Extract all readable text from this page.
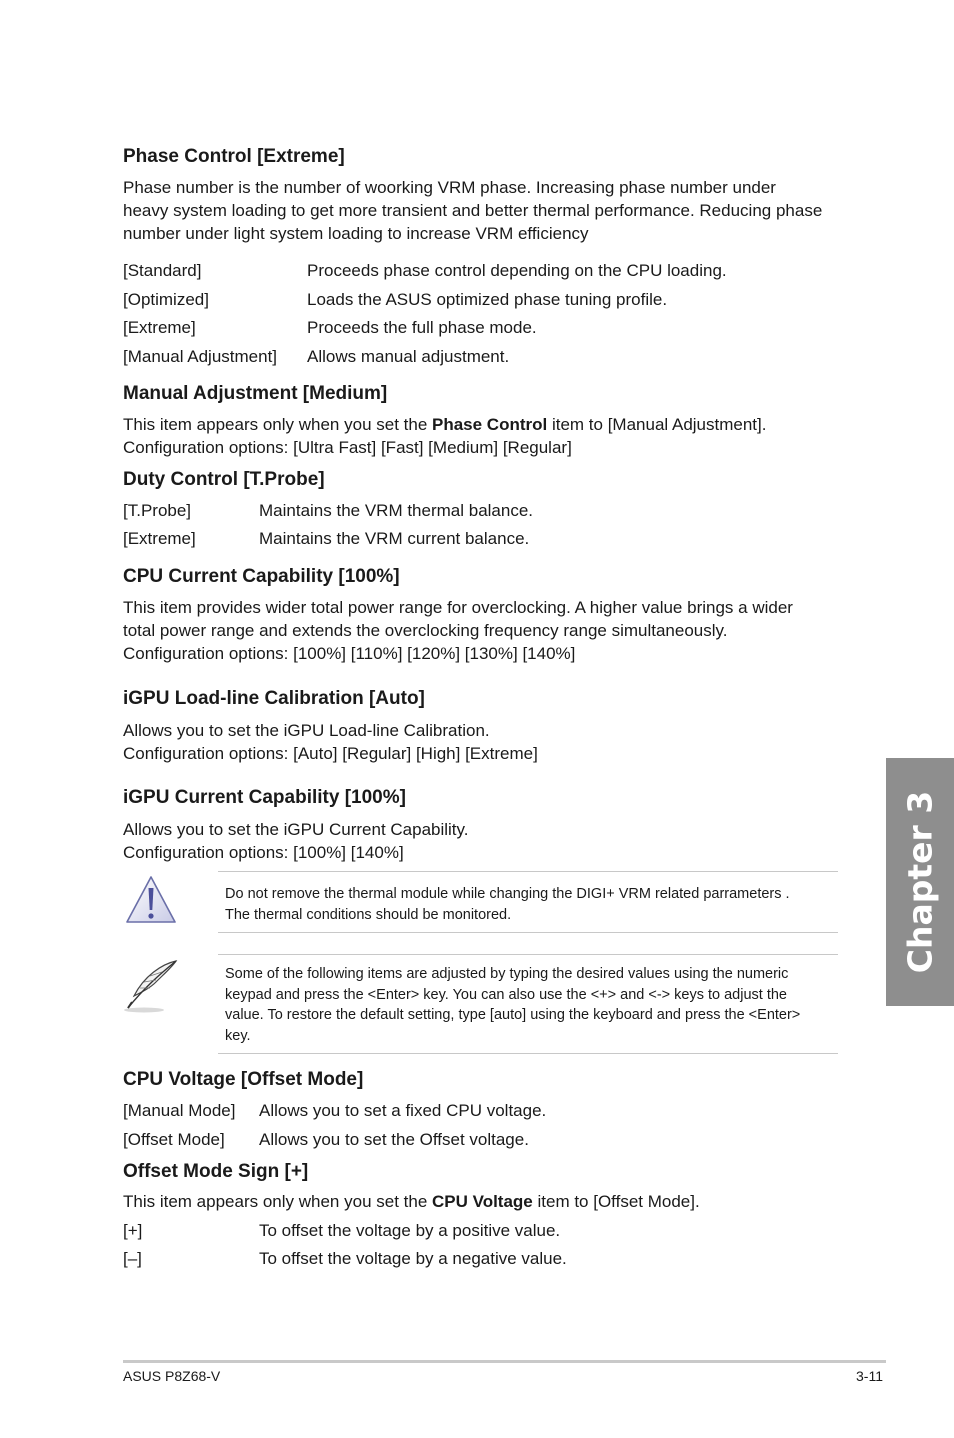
Phase Control [Extreme]
Phase number is the number of woorking VRM phase. Increasing phase number under
heavy system loading to get more transient and better thermal performance. Reducing phase
number under light system loading to increase VRM efficiency
[Standard]	Proceeds phase control depending on the CPU loading.
[Optimized]	Loads the ASUS optimized phase tuning profile.
[Extreme]	Proceeds the full phase mode.
[Manual Adjustment] Allows manual adjustment.
Manual Adjustment [Medium]
This item appears only when you set the Phase Control item to [Manual Adjustment].
Configuration options: [Ultra Fast] [Fast] [Medium] [Regular]
Duty Control [T.Probe]
[T.Probe]	Maintains the VRM thermal balance.
[Extreme]	Maintains the VRM current balance.
CPU Current Capability [100%]
This item provides wider total power range for overclocking. A higher value brings a wider
total power range and extends the overclocking frequency range simultaneously.
Configuration options: [100%] [110%] [120%] [130%] [140%]
iGPU Load-line Calibration [Auto]
Allows you to set the iGPU Load-line Calibration.
Configuration options: [Auto] [Regular] [High] [Extreme]
iGPU Current Capability [100%]
Allows you to set the iGPU Current Capability.
Configuration options: [100%] [140%]
Do not remove the thermal module while changing the DIGI+ VRM related parrameters .
The thermal conditions should be monitored.
Some of the following items are adjusted by typing the desired values using the numeric
keypad and press the <Enter> key. You can also use the <+> and <-> keys to adjust the
value. To restore the default setting, type [auto] using the keyboard and press the <Enter>
key.
CPU Voltage [Offset Mode]
[Manual Mode] Allows you to set a fixed CPU voltage.
[Offset Mode] Allows you to set the Offset voltage.
Offset Mode Sign [+]
This item appears only when you set the CPU Voltage item to [Offset Mode].
[+]	To offset the voltage by a positive value.
[–]	To offset the voltage by a negative value.
Chapter 3
ASUS P8Z68-V	3-11
